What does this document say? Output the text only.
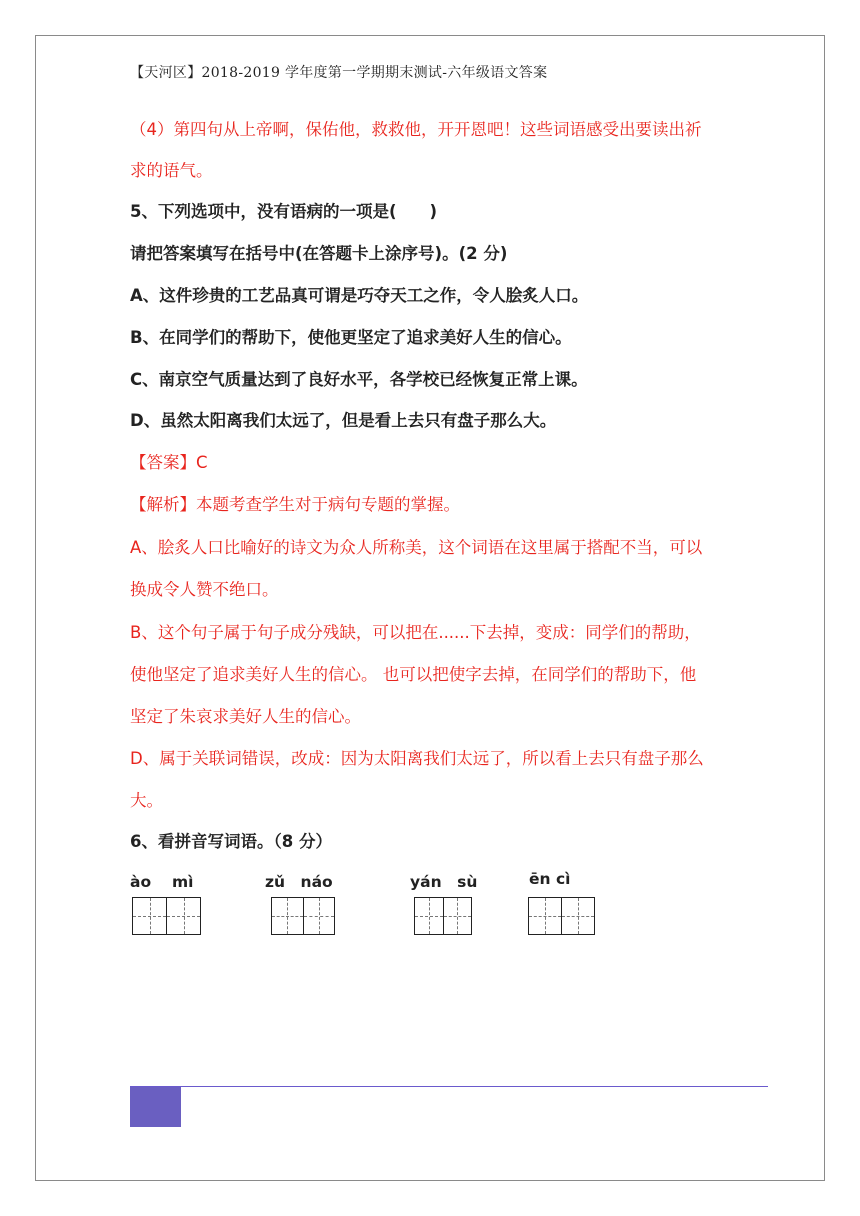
【天河区】2018-2019 学年度第一学期期末测试-六年级语文答案
（4）第四句从上帝啊，保佑他，救救他，开开恩吧！这些词语感受出要读出祈
求的语气。
5、下列选项中，没有语病的一项是(　　)
请把答案填写在括号中(在答题卡上涂序号)。(2 分)
A、这件珍贵的工艺品真可谓是巧夺天工之作，令人脍炙人口。
B、在同学们的帮助下，使他更坚定了追求美好人生的信心。
C、南京空气质量达到了良好水平，各学校已经恢复正常上课。
D、虽然太阳离我们太远了，但是看上去只有盘子那么大。
【答案】C
【解析】本题考查学生对于病句专题的掌握。
A、脍炙人口比喻好的诗文为众人所称美，这个词语在这里属于搭配不当，可以
换成令人赞不绝口。
B、这个句子属于句子成分残缺，可以把在......下去掉，变成：同学们的帮助，
使他坚定了追求美好人生的信心。 也可以把使字去掉，在同学们的帮助下，他
坚定了朱哀求美好人生的信心。
D、属于关联词错误，改成：因为太阳离我们太远了，所以看上去只有盘子那么
大。
6、看拼音写词语。（8 分）
ào　 mì	zǔ　náo	yán　sù	ēn cì
